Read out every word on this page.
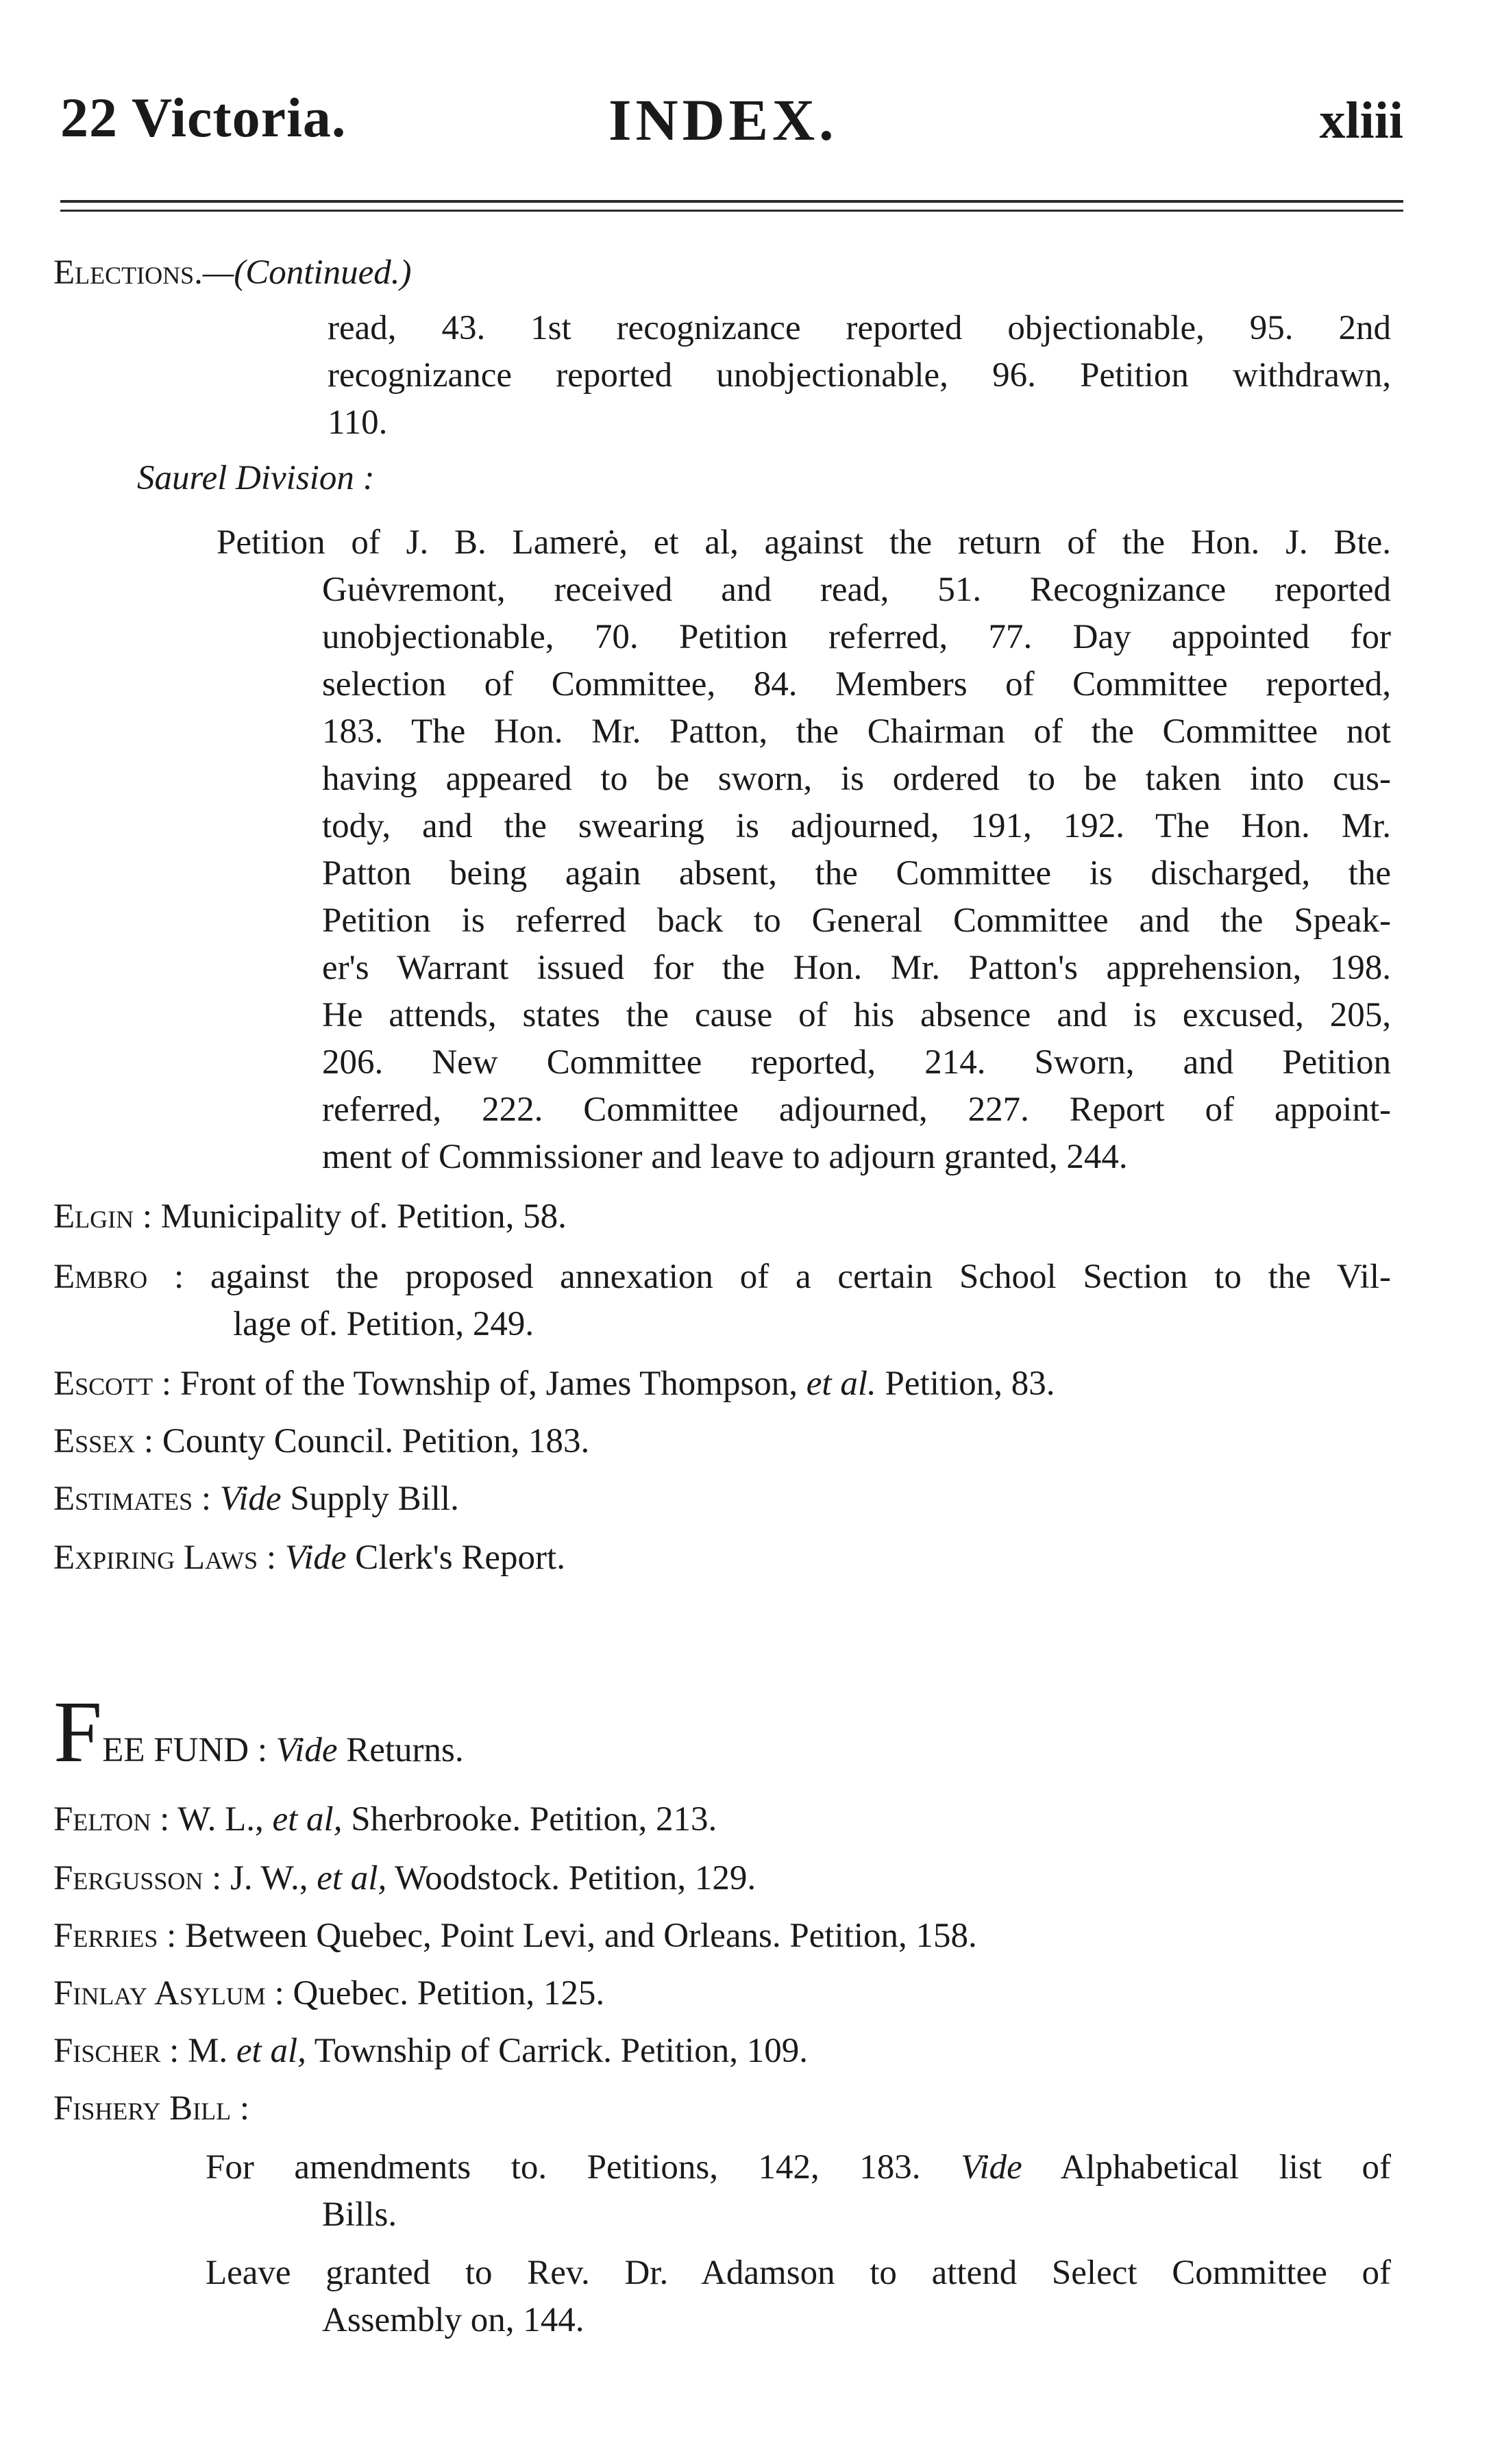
22 Victoria.	INDEX.	xliii
Elections.—(Continued.)
read, 43. 1st recognizance reported objectionable, 95. 2nd
recognizance reported unobjectionable, 96. Petition withdrawn,
110.
Saurel Division :
Petition of J. B. Lamerė, et al, against the return of the Hon. J. Bte.
Guėvremont, received and read, 51. Recognizance reported
unobjectionable, 70. Petition referred, 77. Day appointed for
selection of Committee, 84. Members of Committee reported,
183. The Hon. Mr. Patton, the Chairman of the Committee not
having appeared to be sworn, is ordered to be taken into cus-
tody, and the swearing is adjourned, 191, 192. The Hon. Mr.
Patton being again absent, the Committee is discharged, the
Petition is referred back to General Committee and the Speak-
er's Warrant issued for the Hon. Mr. Patton's apprehension, 198.
He attends, states the cause of his absence and is excused, 205,
206. New Committee reported, 214. Sworn, and Petition
referred, 222. Committee adjourned, 227. Report of appoint-
ment of Commissioner and leave to adjourn granted, 244.
Elgin : Municipality of. Petition, 58.
Embro : against the proposed annexation of a certain School Section to the Vil-
lage of. Petition, 249.
Escott : Front of the Township of, James Thompson, et al. Petition, 83.
Essex : County Council. Petition, 183.
Estimates : Vide Supply Bill.
Expiring Laws : Vide Clerk's Report.
FEE FUND : Vide Returns.
Felton : W. L., et al, Sherbrooke. Petition, 213.
Fergusson : J. W., et al, Woodstock. Petition, 129.
Ferries : Between Quebec, Point Levi, and Orleans. Petition, 158.
Finlay Asylum : Quebec. Petition, 125.
Fischer : M. et al, Township of Carrick. Petition, 109.
Fishery Bill :
For amendments to. Petitions, 142, 183. Vide Alphabetical list of
Bills.
Leave granted to Rev. Dr. Adamson to attend Select Committee of
Assembly on, 144.
